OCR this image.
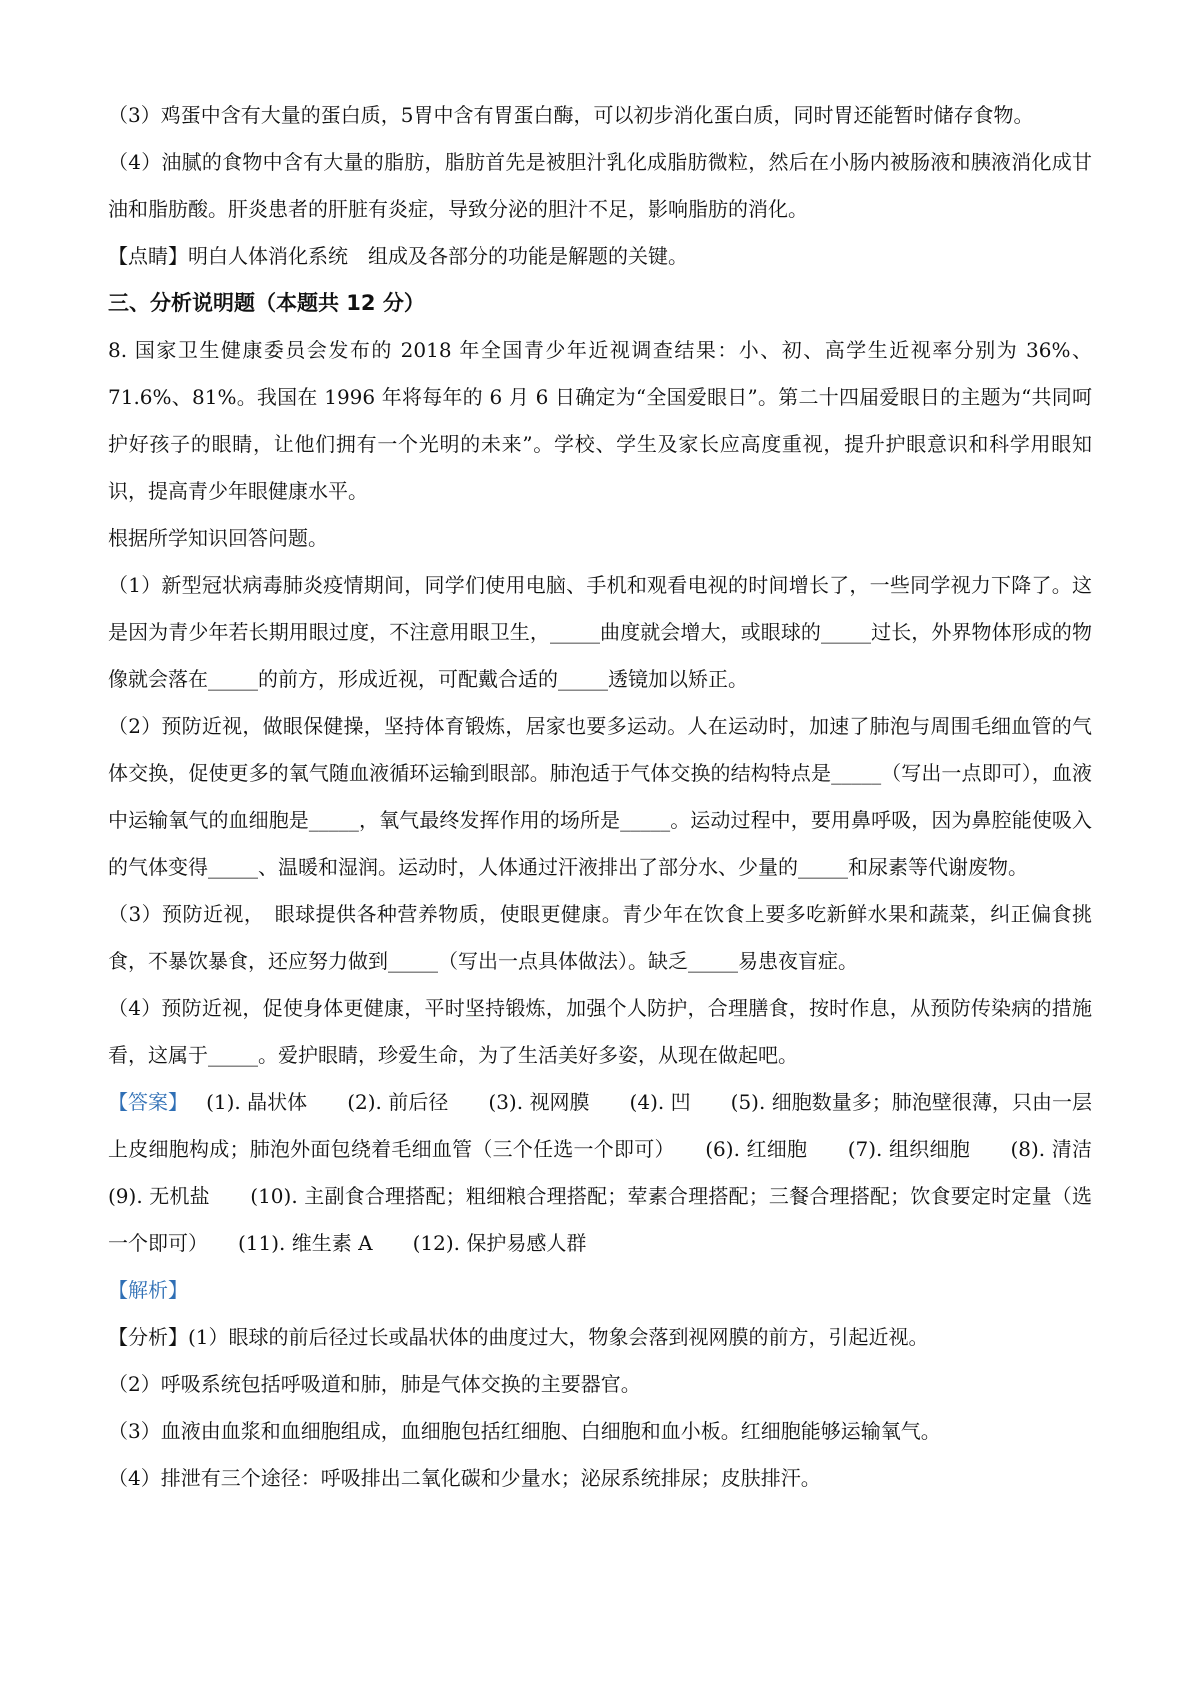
（3）鸡蛋中含有大量的蛋白质，5胃中含有胃蛋白酶，可以初步消化蛋白质，同时胃还能暂时储存食物。

（4）油腻的食物中含有大量的脂肪，脂肪首先是被胆汁乳化成脂肪微粒，然后在小肠内被肠液和胰液消化成甘油和脂肪酸。肝炎患者的肝脏有炎症，导致分泌的胆汁不足，影响脂肪的消化。

【点睛】明白人体消化系统　组成及各部分的功能是解题的关键。

三、分析说明题（本题共 12 分）

8. 国家卫生健康委员会发布的 2018 年全国青少年近视调查结果：小、初、高学生近视率分别为 36%、71.6%、81%。我国在 1996 年将每年的 6 月 6 日确定为“全国爱眼日”。第二十四届爱眼日的主题为“共同呵护好孩子的眼睛，让他们拥有一个光明的未来”。学校、学生及家长应高度重视，提升护眼意识和科学用眼知识，提高青少年眼健康水平。

根据所学知识回答问题。

（1）新型冠状病毒肺炎疫情期间，同学们使用电脑、手机和观看电视的时间增长了，一些同学视力下降了。这是因为青少年若长期用眼过度，不注意用眼卫生，_____曲度就会增大，或眼球的_____过长，外界物体形成的物像就会落在_____的前方，形成近视，可配戴合适的_____透镜加以矫正。

（2）预防近视，做眼保健操，坚持体育锻炼，居家也要多运动。人在运动时，加速了肺泡与周围毛细血管的气体交换，促使更多的氧气随血液循环运输到眼部。肺泡适于气体交换的结构特点是_____（写出一点即可），血液中运输氧气的血细胞是_____，氧气最终发挥作用的场所是_____。运动过程中，要用鼻呼吸，因为鼻腔能使吸入的气体变得_____、温暖和湿润。运动时，人体通过汗液排出了部分水、少量的_____和尿素等代谢废物。

（3）预防近视，　眼球提供各种营养物质，使眼更健康。青少年在饮食上要多吃新鲜水果和蔬菜，纠正偏食挑食，不暴饮暴食，还应努力做到_____（写出一点具体做法）。缺乏_____易患夜盲症。

（4）预防近视，促使身体更健康，平时坚持锻炼，加强个人防护，合理膳食，按时作息，从预防传染病的措施看，这属于_____。爱护眼睛，珍爱生命，为了生活美好多姿，从现在做起吧。

【答案】 (1). 晶状体　　(2). 前后径　　(3). 视网膜　　(4). 凹　　(5). 细胞数量多；肺泡壁很薄，只由一层上皮细胞构成；肺泡外面包绕着毛细血管（三个任选一个即可）　　(6). 红细胞　　(7). 组织细胞　　(8). 清洁　　(9). 无机盐　　(10). 主副食合理搭配；粗细粮合理搭配；荤素合理搭配；三餐合理搭配；饮食要定时定量（选一个即可）　　(11). 维生素 A　　(12). 保护易感人群

【解析】

【分析】(1）眼球的前后径过长或晶状体的曲度过大，物象会落到视网膜的前方，引起近视。

（2）呼吸系统包括呼吸道和肺，肺是气体交换的主要器官。

（3）血液由血浆和血细胞组成，血细胞包括红细胞、白细胞和血小板。红细胞能够运输氧气。

（4）排泄有三个途径：呼吸排出二氧化碳和少量水；泌尿系统排尿；皮肤排汗。
